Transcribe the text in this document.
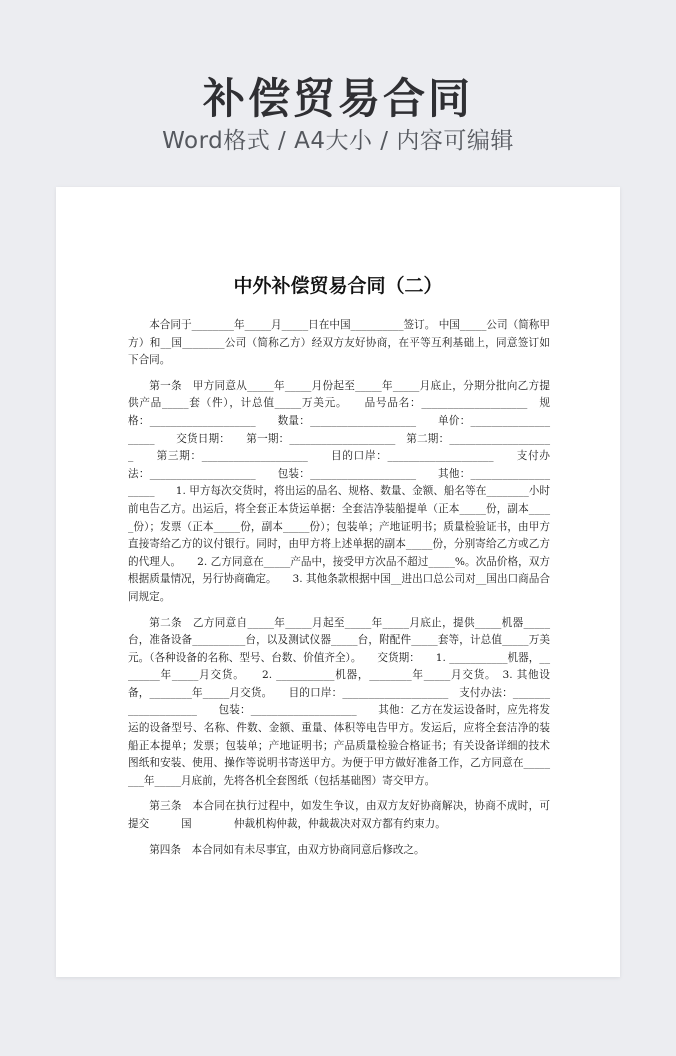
补偿贸易合同
Word格式 / A4大小 / 内容可编辑
中外补偿贸易合同（二）

本合同于________年_____月_____日在中国__________签订。 中国_____公司（简称甲方）和__国________公司（简称乙方）经双方友好协商，在平等互利基础上，同意签订如下合同。

第一条　甲方同意从_____年_____月份起至_____年_____月底止，分期分批向乙方提供产品_____套（件），计总值_____万美元。　　品号品名：____________________　规格：____________________　　数量：____________________　　单价：____________________　　交货日期：　　第一期：____________________　第二期：____________________　　第三期：____________________　　目的口岸：____________________　　支付办法：____________________　　包装：____________________　　其他：____________________　　1. 甲方每次交货时，将出运的品名、规格、数量、金额、船名等在________小时前电告乙方。出运后，将全套正本货运单据：全套洁净装船提单（正本_____份，副本_____份）；发票（正本_____份，副本_____份）；包装单；产地证明书；质量检验证书，由甲方直接寄给乙方的议付银行。同时，由甲方将上述单据的副本_____份，分别寄给乙方或乙方的代理人。　　2. 乙方同意在_____产品中，接受甲方次品不超过_____%。次品价格，双方根据质量情况，另行协商确定。　　3. 其他条款根据中国__进出口总公司对__国出口商品合同规定。

第二条　乙方同意自_____年_____月起至_____年_____月底止，提供_____机器_____台，准备设备__________台，以及测试仪器_____台，附配件_____套等，计总值_____万美元。（各种设备的名称、型号、台数、价值齐全）。　　交货期：　　1. ___________机器，________年_____月交货。　　2. ___________机器，________年_____月交货。　3. 其他设备，________年_____月交货。　　目的口岸：____________________　支付办法：____________________　　包装：____________________　　其他：乙方在发运设备时，应先将发运的设备型号、名称、件数、金额、重量、体积等电告甲方。发运后，应将全套洁净的装船正本提单；发票；包装单；产地证明书；产品质量检验合格证书；有关设备详细的技术图纸和安装、使用、操作等说明书寄送甲方。为便于甲方做好准备工作，乙方同意在________年_____月底前，先将各机全套图纸（包括基础图）寄交甲方。

第三条　本合同在执行过程中，如发生争议，由双方友好协商解决，协商不成时，可提交　　　国　　　　仲裁机构仲裁，仲裁裁决对双方都有约束力。

第四条　本合同如有未尽事宜，由双方协商同意后修改之。
